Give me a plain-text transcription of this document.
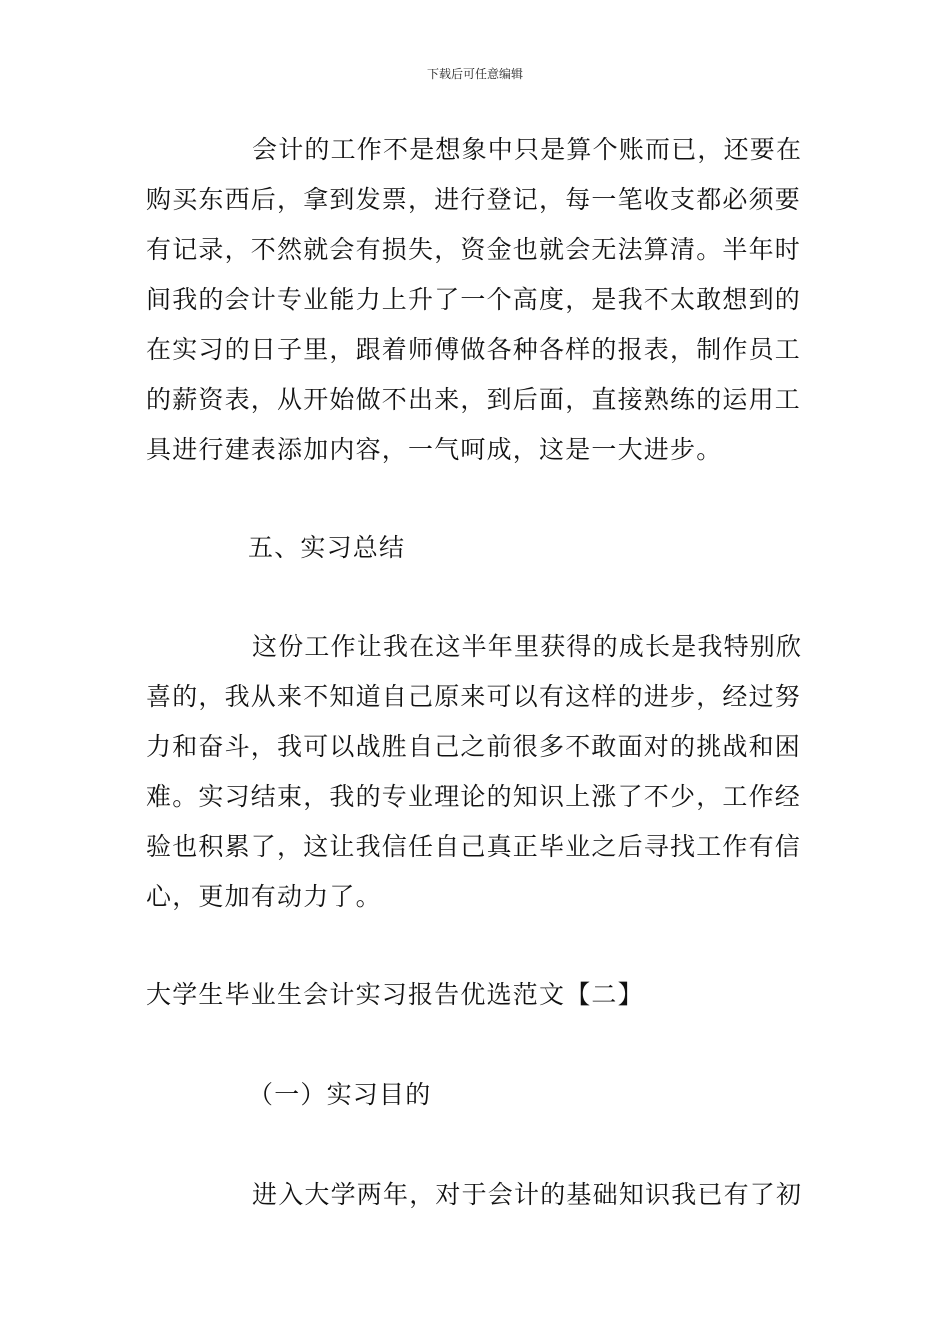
下载后可任意编辑
会计的工作不是想象中只是算个账而已，还要在
购买东西后，拿到发票，进行登记，每一笔收支都必须要
有记录，不然就会有损失，资金也就会无法算清。半年时
间我的会计专业能力上升了一个高度，是我不太敢想到的
在实习的日子里，跟着师傅做各种各样的报表，制作员工
的薪资表，从开始做不出来，到后面，直接熟练的运用工
具进行建表添加内容，一气呵成，这是一大进步。
五、实习总结
这份工作让我在这半年里获得的成长是我特别欣
喜的，我从来不知道自己原来可以有这样的进步，经过努
力和奋斗，我可以战胜自己之前很多不敢面对的挑战和困
难。实习结束，我的专业理论的知识上涨了不少，工作经
验也积累了，这让我信任自己真正毕业之后寻找工作有信
心，更加有动力了。
大学生毕业生会计实习报告优选范文【二】
（一）实习目的
进入大学两年，对于会计的基础知识我已有了初
